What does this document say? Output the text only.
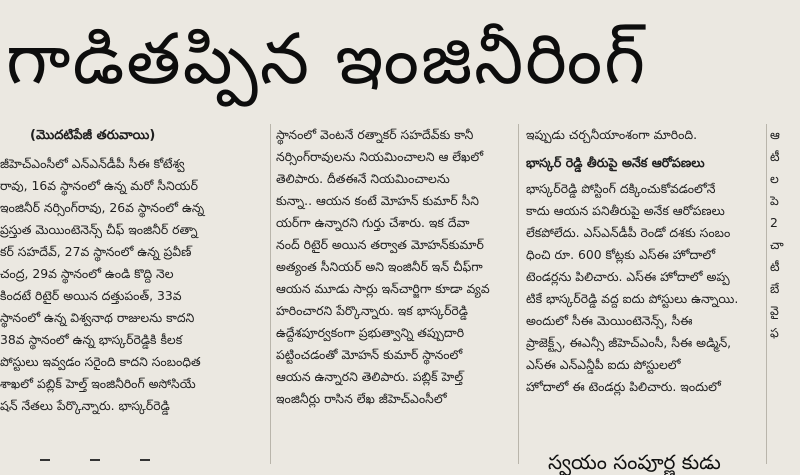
గాడితప్పిన ఇంజినీరింగ్
(మొదటిపేజీ తరువాయి)

జీహెచ్‌ఎంసీలో ఎన్‌ఎన్‌డీపీ సీఈ కోటేశ్వ

రావు, 16వ స్థానంలో ఉన్న మరో సీనియర్

ఇంజినీర్ నర్సింగ్‌రావు, 26వ స్థానంలో ఉన్న

ప్రస్తుత మెయింటెనెన్స్ చీఫ్ ఇంజినీర్ రత్నా

కర్ సహదేవ్, 27వ స్థానంలో ఉన్న ప్రవీణ్

చంద్ర, 29వ స్థానంలో ఉండి కొద్ది నెల

కిందటే రిటైర్ అయిన దత్తుపంత్, 33వ

స్థానంలో ఉన్న విశ్వనాథ రాజులను కాదని

38వ స్థానంలో ఉన్న భాస్కర్‌రెడ్డికి కీలక

పోస్టులు ఇవ్వడం సరైంది కాదని సంబంధిత

శాఖలో పబ్లిక్ హెల్త్ ఇంజినీరింగ్ అసోసియే

షన్ నేతలు పేర్కొన్నారు. భాస్కర్‌రెడ్డి

స్థానంలో వెంటనే రత్నాకర్ సహదేవ్‌కు కానీ

నర్సింగ్‌రావులను నియమించాలని ఆ లేఖలో

తెలిపారు. దీతఈనే నియమించాలను

కున్నా.. ఆయన కంటే మోహన్ కుమార్ సీని

యర్‌గా ఉన్నారని గుర్తు చేశారు. ఇక దేవా

నంద్ రిటైర్ అయిన తర్వాత మోహన్‌కుమార్

అత్యంత సీనియర్ అని ఇంజినీర్ ఇన్ చీఫ్‌గా

ఆయన మూడు సార్లు ఇన్‌చార్జిగా కూడా వ్యవ

హరించారని పేర్కొన్నారు. ఇక భాస్కర్‌రెడ్డి

ఉద్దేశపూర్వకంగా ప్రభుత్వాన్ని తప్పుదారి

పట్టించడంతో మోహన్ కుమార్ స్థానంలో

ఆయన ఉన్నారని తెలిపారు. పబ్లిక్ హెల్త్

ఇంజినీర్లు రాసిన లేఖ జీహెచ్ఎంసీలో

ఇప్పుడు చర్చనీయాంశంగా మారింది.

భాస్కర్ రెడ్డి తీరుపై అనేక ఆరోపణలు

భాస్కర్‌రెడ్డి పోస్టింగ్ దక్కించుకోవడంలోనే

కాదు ఆయన పనితీరుపై అనేక ఆరోపణలు

లేకపోలేదు. ఎస్‌ఎన్‌డీపీ రెండో దశకు సంబం

ధించి రూ. 600 కోట్లకు ఎస్‌ఈ హోదాలో

టెండర్లను పిలిచారు. ఎస్‌ఈ హోదాలో అప్ప

టికే భాస్కర్‌రెడ్డి వద్ద ఐదు పోస్టులు ఉన్నాయి.

అందులో సీఈ మెయింటెనెన్స్, సీఈ

ప్రాజెక్ట్స్, ఈఎన్సీ జీహెచ్ఎంసీ, సీఈ అడ్మిన్,

ఎస్ఈ ఎన్ఎన్డీపీ ఐదు పోస్టులలో

హోదాలో ఈ టెండర్లు పిలిచారు. ఇందులో

ఆ

టీ

ల

పె

2

చా

టీ

బే

వై

ఫ

స్వయం సంపూర్ణ కుడు
